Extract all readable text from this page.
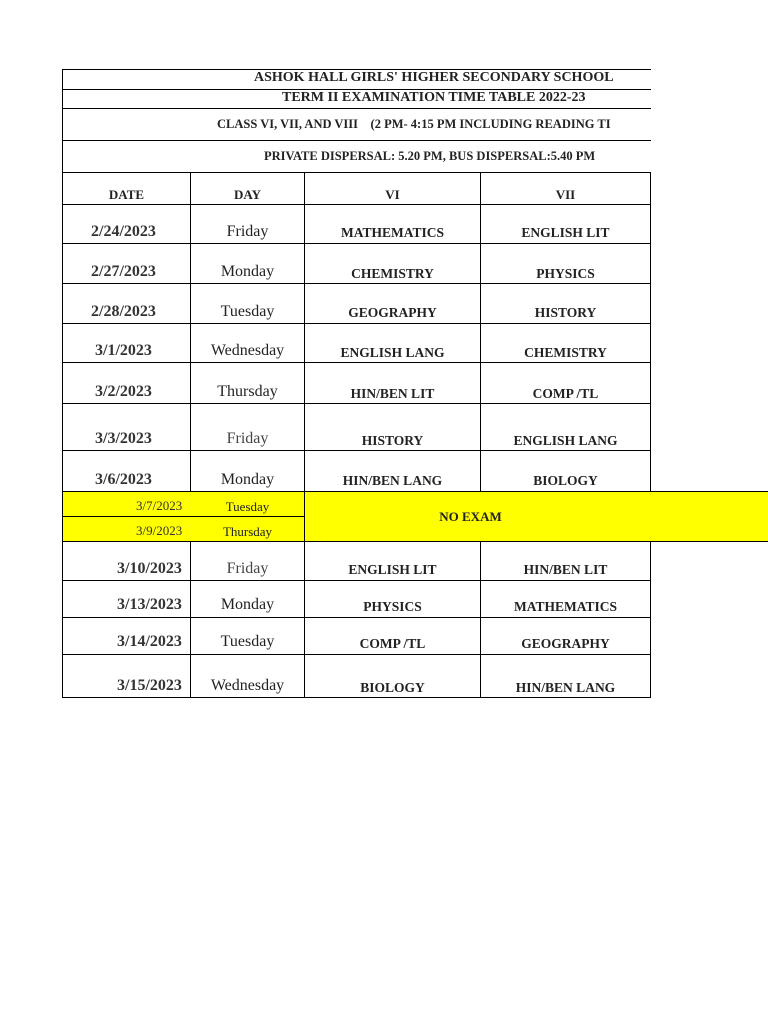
ASHOK HALL GIRLS' HIGHER SECONDARY SCHOOL
TERM II EXAMINATION TIME TABLE 2022-23
CLASS VI, VII, AND VIII    (2 PM- 4:15 PM INCLUDING READING TI
PRIVATE DISPERSAL: 5.20 PM, BUS DISPERSAL:5.40 PM
DATE	DAY	VI	VII
2/24/2023	Friday	MATHEMATICS	ENGLISH LIT
2/27/2023	Monday	CHEMISTRY	PHYSICS
2/28/2023	Tuesday	GEOGRAPHY	HISTORY
3/1/2023	Wednesday	ENGLISH LANG	CHEMISTRY
3/2/2023	Thursday	HIN/BEN LIT	COMP /TL
3/3/2023	Friday	HISTORY	ENGLISH LANG
3/6/2023	Monday	HIN/BEN LANG	BIOLOGY
3/7/2023	Tuesday
3/9/2023	Thursday
NO EXAM
3/10/2023	Friday	ENGLISH LIT	HIN/BEN LIT
3/13/2023	Monday	PHYSICS	MATHEMATICS
3/14/2023	Tuesday	COMP /TL	GEOGRAPHY
3/15/2023	Wednesday	BIOLOGY	HIN/BEN LANG
